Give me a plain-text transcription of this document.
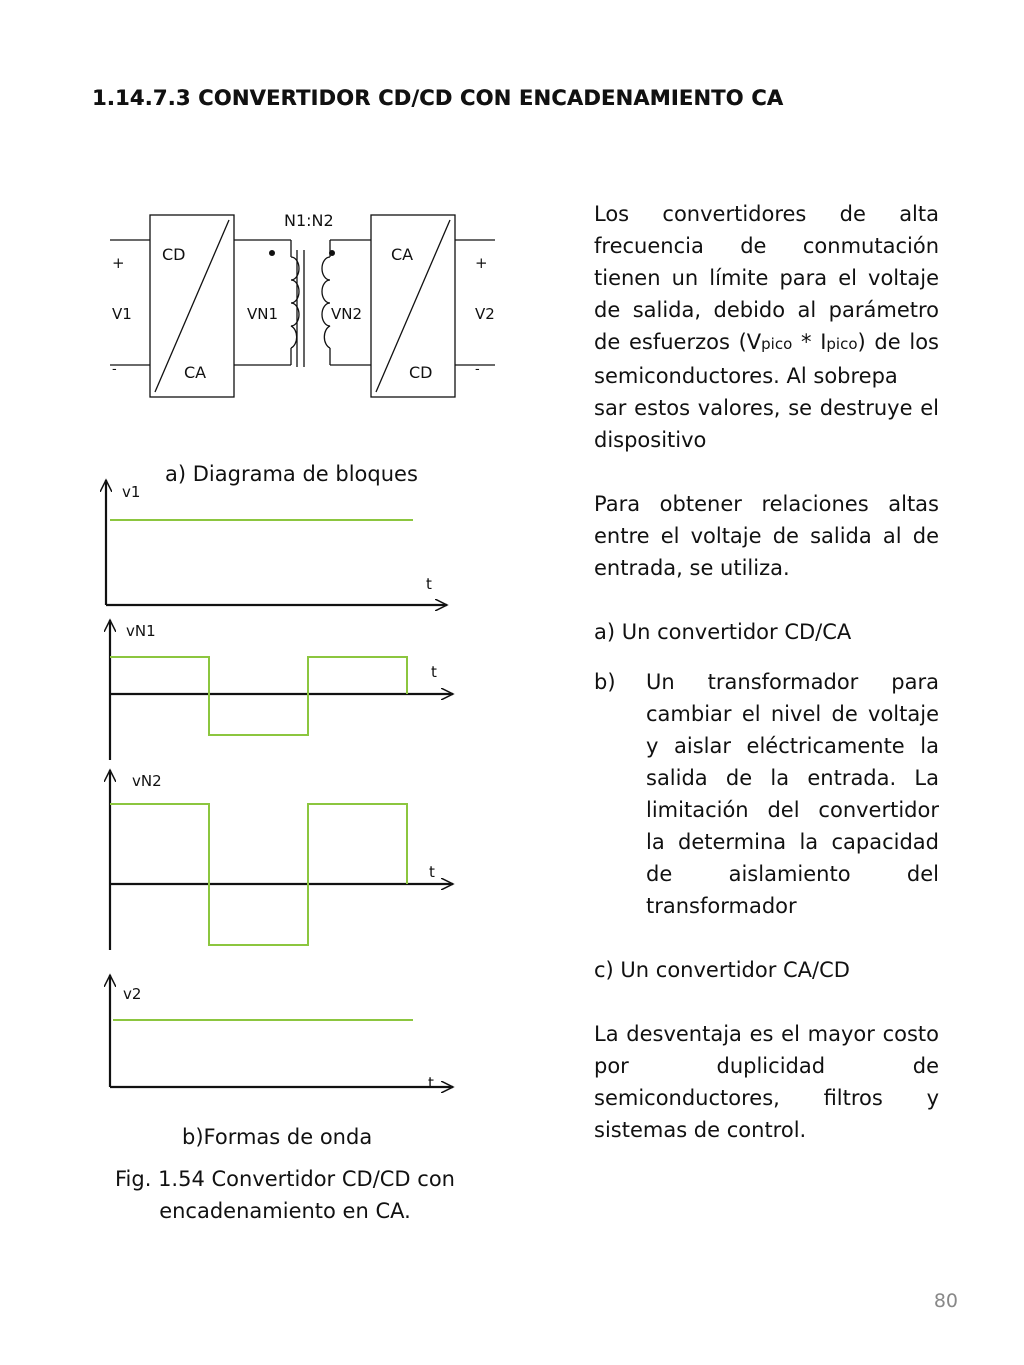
1.14.7.3 CONVERTIDOR CD/CD CON ENCADENAMIENTO CA
N1:N2
CD
CA
CA
CD
+
V1
-
VN1	VN2
+
V2
-
a) Diagrama de bloques
v1
t
vN1
t
vN2
t
v2
t
b)Formas de onda
Fig. 1.54 Convertidor CD/CD con
encadenamiento en CA.
Los convertidores de alta frecuencia de conmutación tienen un límite para el voltaje de salida, debido al parámetro de esfuerzos (Vpico * Ipico) de los semiconductores. Al sobrepa
sar estos valores, se destruye el dispositivo
Para obtener relaciones altas entre el voltaje de salida al de entrada, se utiliza.
a) Un convertidor CD/CA
b)	Un transformador para cambiar el nivel de voltaje y aislar eléctricamente la salida de la entrada. La limitación del convertidor la determina la capacidad de aislamiento del transformador
c) Un convertidor CA/CD
La desventaja es el mayor costo por duplicidad de semiconductores, filtros y sistemas de control.
80
